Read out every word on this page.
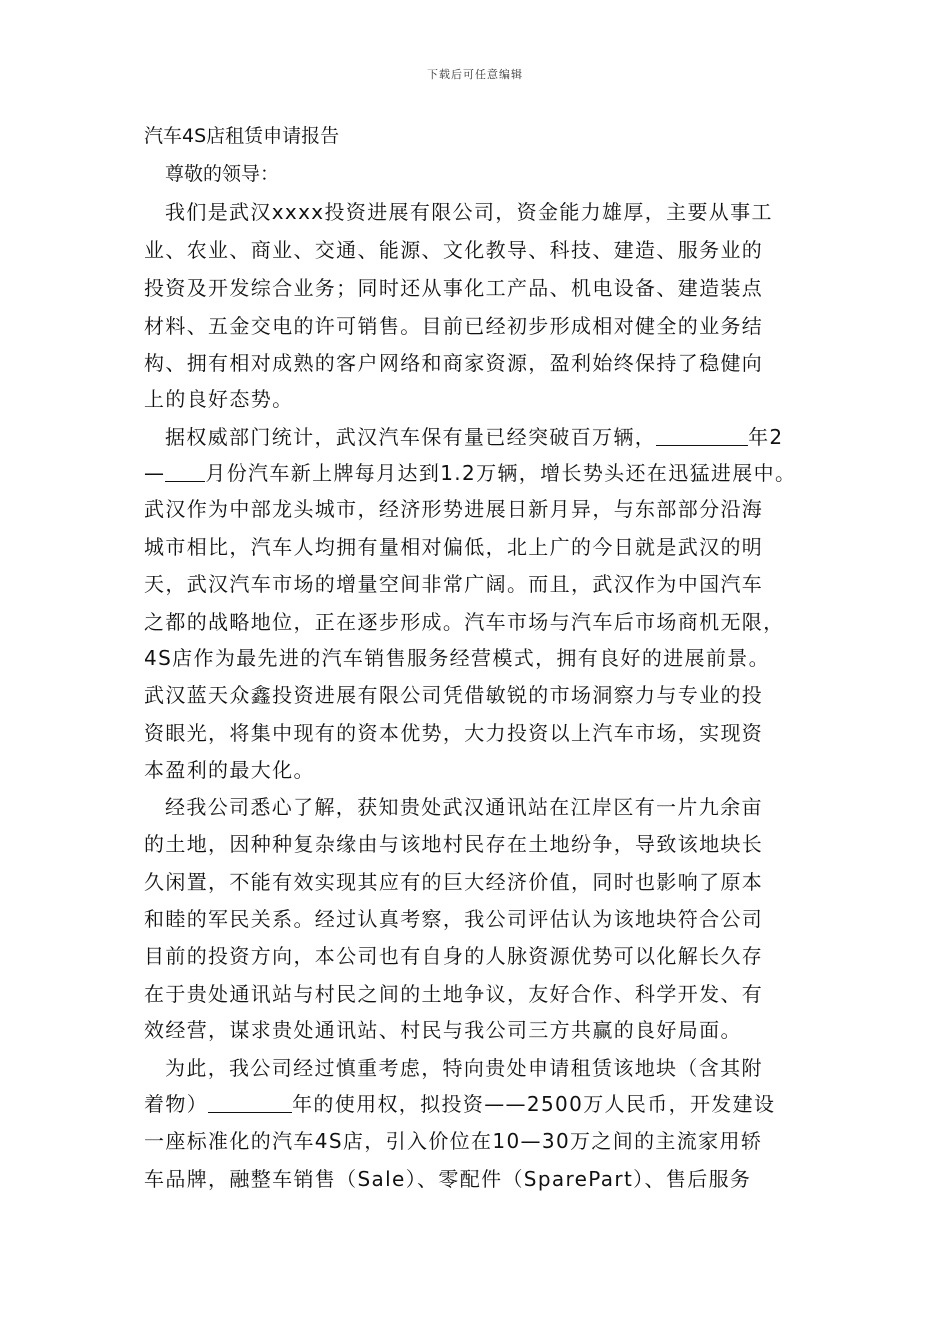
下载后可任意编辑
汽车4S店租赁申请报告
尊敬的领导：
我们是武汉xxxx投资进展有限公司，资金能力雄厚，主要从事工
业、农业、商业、交通、能源、文化教导、科技、建造、服务业的
投资及开发综合业务；同时还从事化工产品、机电设备、建造装点
材料、五金交电的许可销售。目前已经初步形成相对健全的业务结
构、拥有相对成熟的客户网络和商家资源，盈利始终保持了稳健向
上的良好态势。
据权威部门统计，武汉汽车保有量已经突破百万辆，	年2
— 月份汽车新上牌每月达到1.2万辆，增长势头还在迅猛进展中。
武汉作为中部龙头城市，经济形势进展日新月异，与东部部分沿海
城市相比，汽车人均拥有量相对偏低，北上广的今日就是武汉的明
天，武汉汽车市场的增量空间非常广阔。而且，武汉作为中国汽车
之都的战略地位，正在逐步形成。汽车市场与汽车后市场商机无限，
4S店作为最先进的汽车销售服务经营模式，拥有良好的进展前景。
武汉蓝天众鑫投资进展有限公司凭借敏锐的市场洞察力与专业的投
资眼光，将集中现有的资本优势，大力投资以上汽车市场，实现资
本盈利的最大化。
经我公司悉心了解，获知贵处武汉通讯站在江岸区有一片九余亩
的土地，因种种复杂缘由与该地村民存在土地纷争，导致该地块长
久闲置，不能有效实现其应有的巨大经济价值，同时也影响了原本
和睦的军民关系。经过认真考察，我公司评估认为该地块符合公司
目前的投资方向，本公司也有自身的人脉资源优势可以化解长久存
在于贵处通讯站与村民之间的土地争议，友好合作、科学开发、有
效经营，谋求贵处通讯站、村民与我公司三方共赢的良好局面。
为此，我公司经过慎重考虑，特向贵处申请租赁该地块（含其附
着物）	年的使用权，拟投资——2500万人民币，开发建设
一座标准化的汽车4S店，引入价位在10—30万之间的主流家用轿
车品牌，融整车销售（Sale）、零配件（SparePart）、售后服务
